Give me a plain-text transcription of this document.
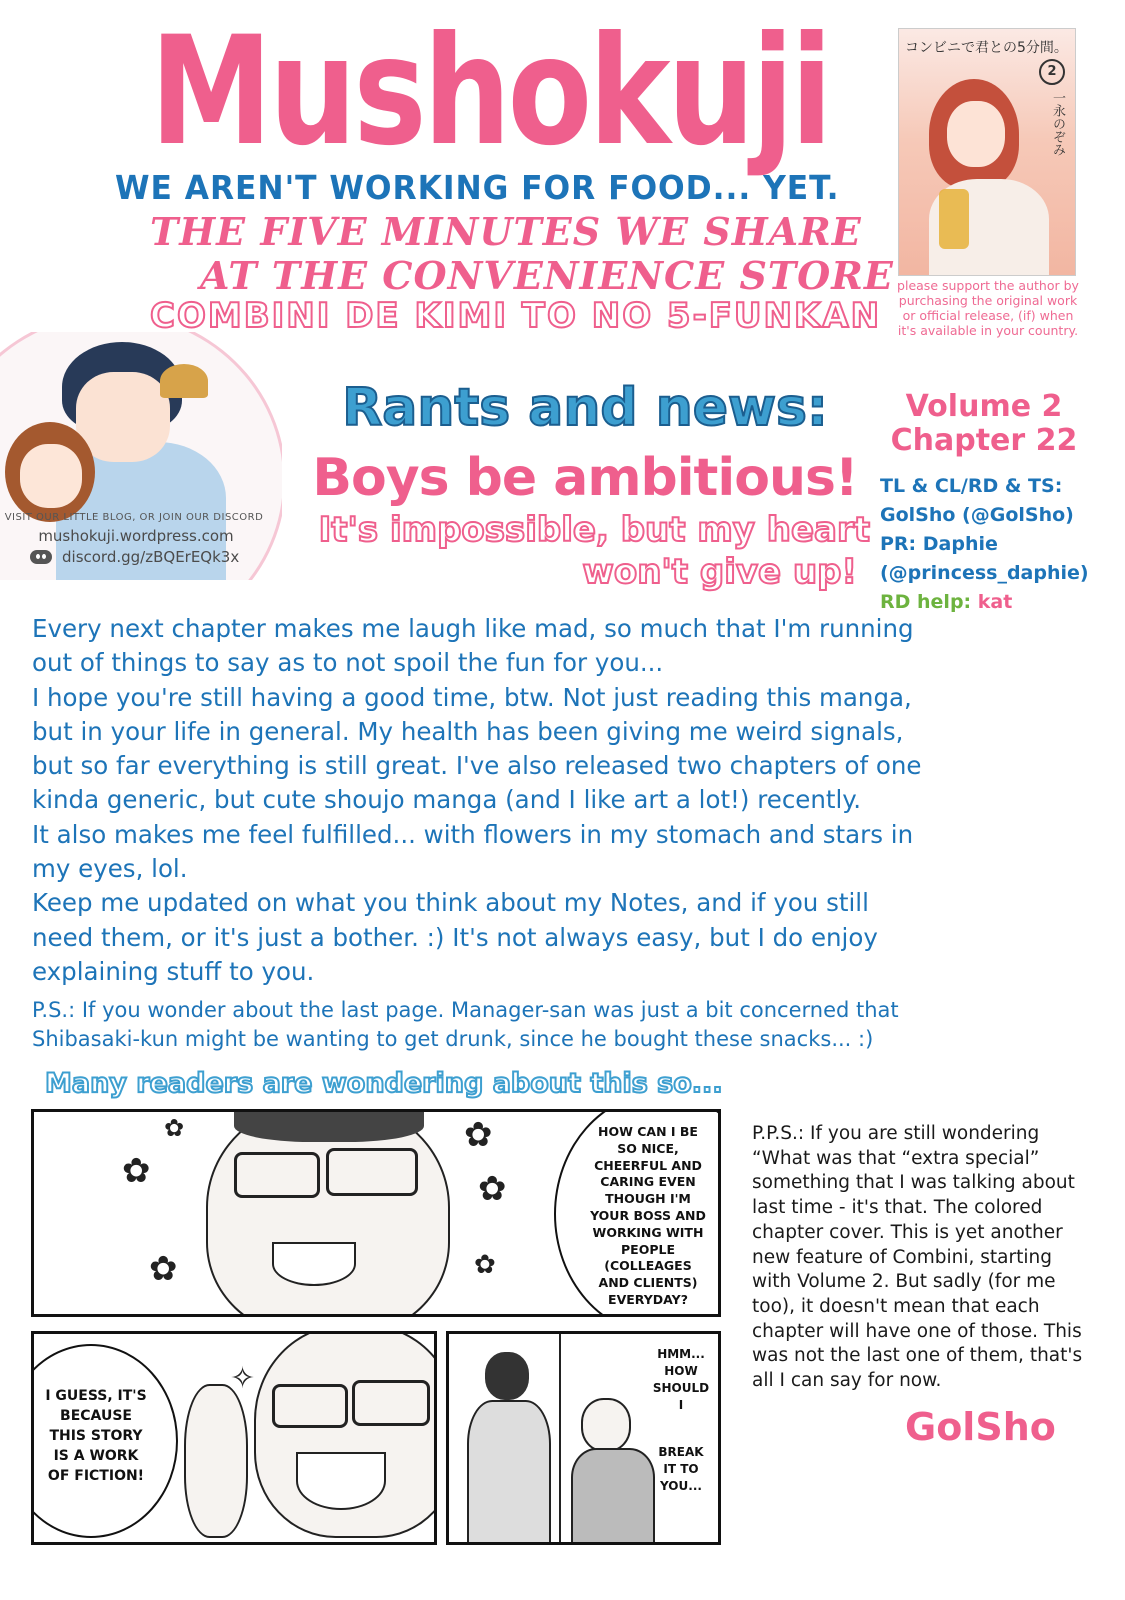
Mushokuji
WE AREN'T WORKING FOR FOOD... YET.
THE FIVE MINUTES WE SHARE
AT THE CONVENIENCE STORE
COMBINI DE KIMI TO NO 5-FUNKAN
コンビニで君との5分間。
2
一永のぞみ
please support the author by purchasing the original work or official release, (if) when it's available in your country.
VISIT OUR LITTLE BLOG, OR JOIN OUR DISCORD
mushokuji.wordpress.com
discord.gg/zBQErEQk3x
Rants and news:
Boys be ambitious!
It's impossible, but my heart
won't give up!
Volume 2
Chapter 22
TL & CL/RD & TS:
GolSho (@GolSho)
PR: Daphie
(@princess_daphie)
RD help: kat

Every next chapter makes me laugh like mad, so much that I'm running out of things to say as to not spoil the fun for you...

I hope you're still having a good time, btw. Not just reading this manga, but in your life in general. My health has been giving me weird signals, but so far everything is still great. I've also released two chapters of one kinda generic, but cute shoujo manga (and I like art a lot!) recently.

It also makes me feel fulfilled... with flowers in my stomach and stars in my eyes, lol.

Keep me updated on what you think about my Notes, and if you still need them, or it's just a bother. :) It's not always easy, but I do enjoy explaining stuff to you.

P.S.: If you wonder about the last page. Manager-san was just a bit concerned that Shibasaki-kun might be wanting to get drunk, since he bought these snacks... :)
Many readers are wondering about this so...
✿
✿
✿
✿
✿
✿
HOW CAN I BE SO NICE, CHEERFUL AND CARING EVEN THOUGH I'M YOUR BOSS AND WORKING WITH PEOPLE (COLLEAGES AND CLIENTS) EVERYDAY?
I GUESS, IT'S BECAUSE THIS STORY IS A WORK OF FICTION!
✧
HMM... HOW SHOULD I
BREAK IT TO YOU...
P.P.S.: If you are still wondering “What was that “extra special” something that I was talking about last time - it's that. The colored chapter cover. This is yet another new feature of Combini, starting with Volume 2. But sadly (for me too), it doesn't mean that each chapter will have one of those. This was not the last one of them, that's all I can say for now.
GolSho
